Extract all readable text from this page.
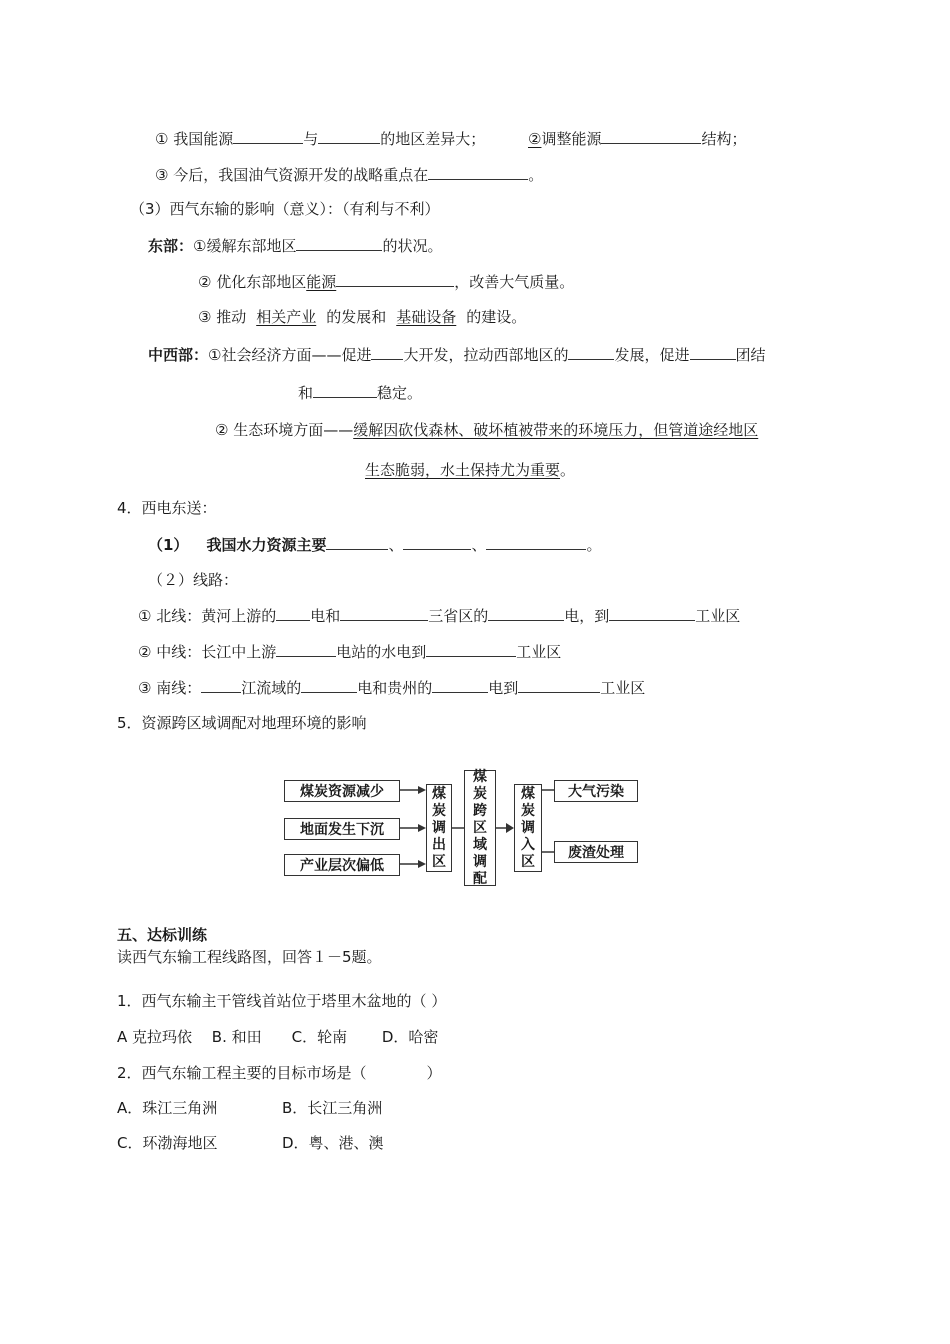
① 我国能源	与	的地区差异大；	②调整能源	结构；
③ 今后，我国油气资源开发的战略重点在	。
（3）西气东输的影响（意义）：（有利与不利）
东部：①缓解东部地区	的状况。
② 优化东部地区能源	，改善大气质量。
③ 推动 相关产业 的发展和 基础设备 的建设。
中西部：①社会经济方面——促进 大开发，拉动西部地区的	发展，促进	团结
和	稳定。
② 生态环境方面——缓解因砍伐森林、破坏植被带来的环境压力，但管道途经地区
生态脆弱，水土保持尤为重要。
4．西电东送：
（1） 我国水力资源主要	、	、	。
（２）线路：
① 北线：黄河上游的 电和	三省区的	电，到	工业区
② 中线：长江中上游	电站的水电到	工业区
③ 南线：	江流域的	电和贵州的	电到	工业区
5．资源跨区域调配对地理环境的影响
煤炭资源减少
地面发生下沉
产业层次偏低
煤
炭
调
出
区
煤
炭
跨
区
域
调
配
煤
炭
调
入
区
大气污染
废渣处理
五、达标训练
读西气东输工程线路图，回答１－5题。
1．西气东输主干管线首站位于塔里木盆地的（ ）
A 克拉玛依　 B. 和田　　C．轮南　　 D．哈密
2．西气东输工程主要的目标市场是（　　　　）
A．珠江三角洲	B．长江三角洲
C．环渤海地区	D．粤、港、澳
